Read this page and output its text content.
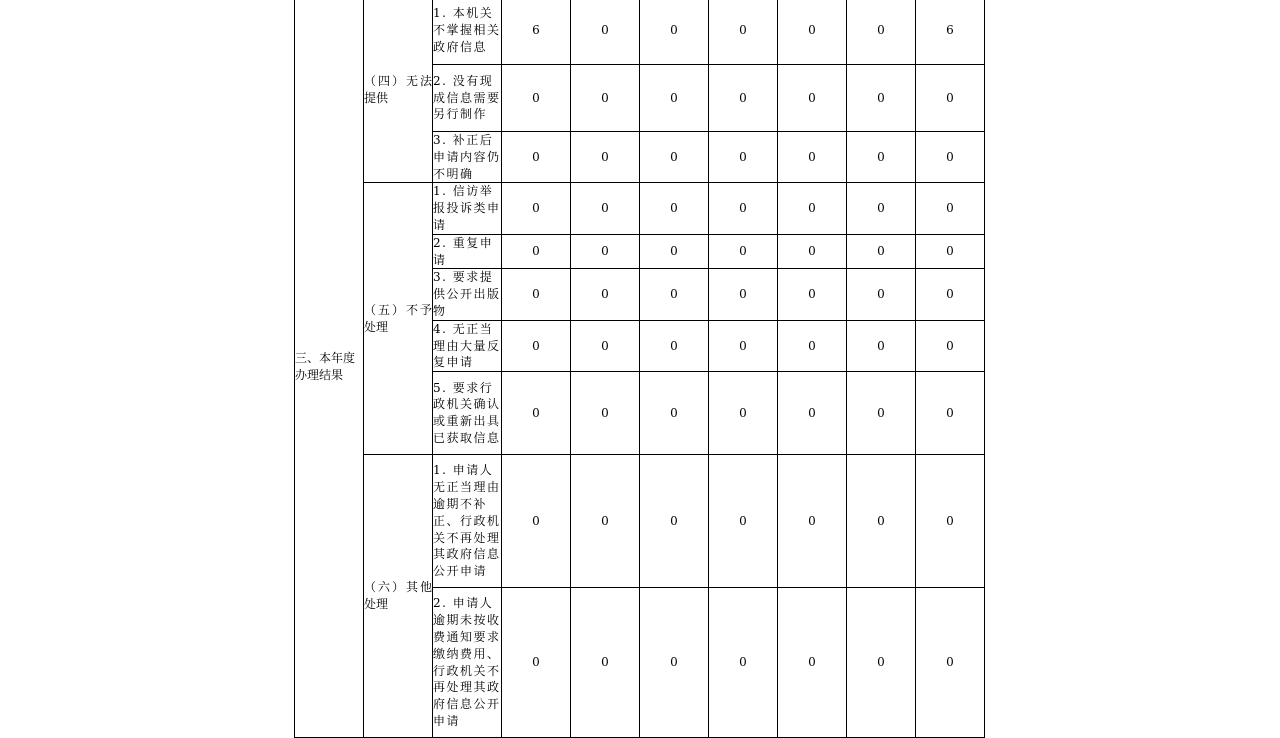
三、本年度办理结果	（四）无法提供	1. 本机关不掌握相关政府信息	6	0	0	0	0	0	6
		2. 没有现成信息需要另行制作	0	0	0	0	0	0	0
		3. 补正后申请内容仍不明确	0	0	0	0	0	0	0
	（五）不予处理	1. 信访举报投诉类申请	0	0	0	0	0	0	0
		2. 重复申请	0	0	0	0	0	0	0
		3. 要求提供公开出版物	0	0	0	0	0	0	0
		4. 无正当理由大量反复申请	0	0	0	0	0	0	0
		5. 要求行政机关确认或重新出具已获取信息	0	0	0	0	0	0	0
	（六）其他处理	1. 申请人无正当理由逾期不补正、行政机关不再处理其政府信息公开申请	0	0	0	0	0	0	0
		2. 申请人逾期未按收费通知要求缴纳费用、行政机关不再处理其政府信息公开申请	0	0	0	0	0	0	0
